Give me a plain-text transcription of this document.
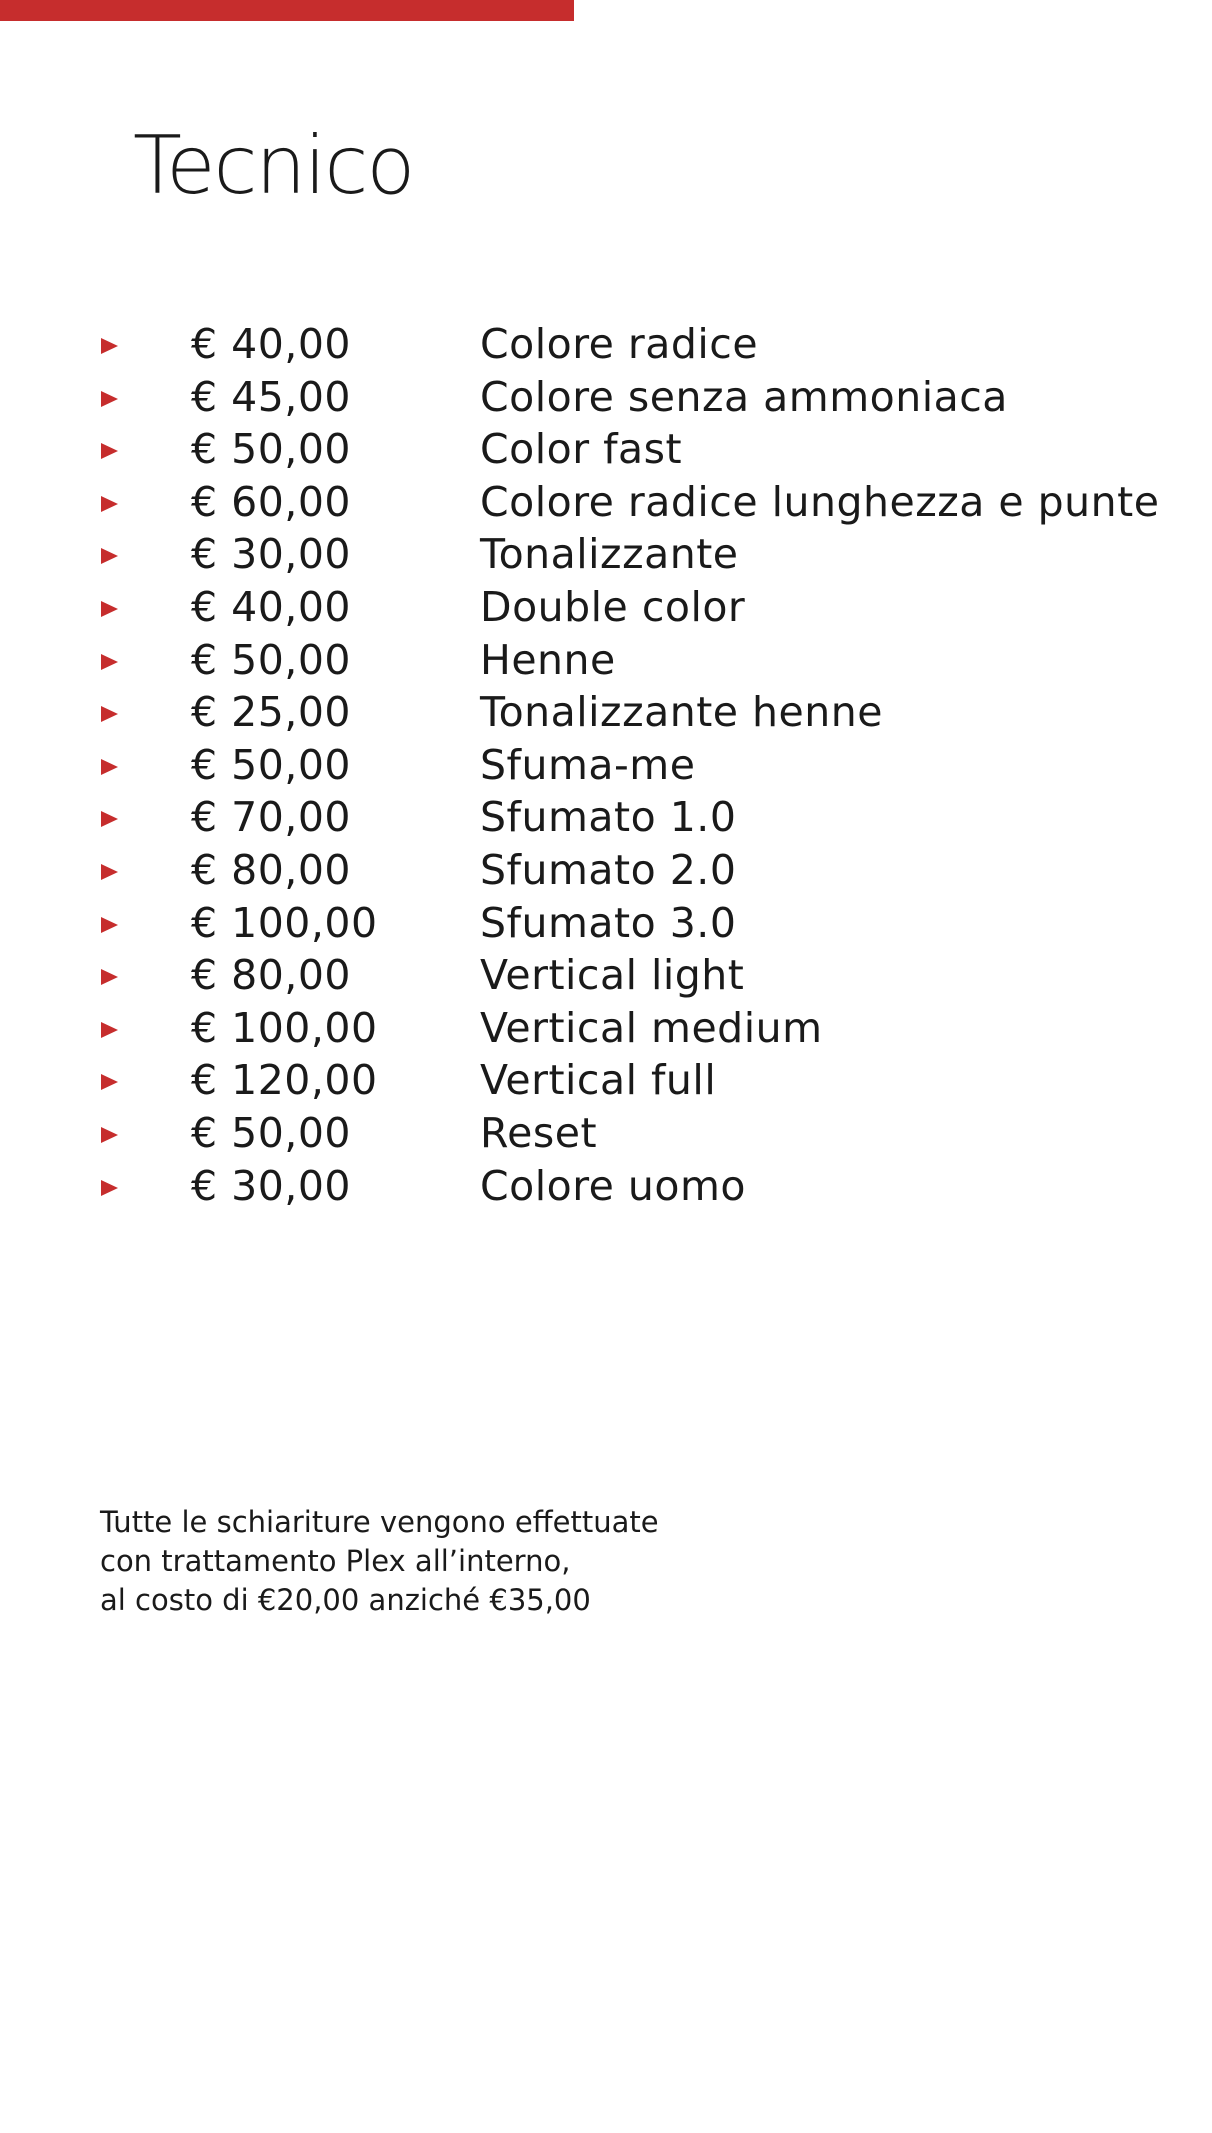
Tecnico
€ 40,00	Colore radice
€ 45,00	Colore senza ammoniaca
€ 50,00	Color fast
€ 60,00	Colore radice lunghezza e punte
€ 30,00	Tonalizzante
€ 40,00	Double color
€ 50,00	Henne
€ 25,00	Tonalizzante henne
€ 50,00	Sfuma-me
€ 70,00	Sfumato 1.0
€ 80,00	Sfumato 2.0
€ 100,00 Sfumato 3.0
€ 80,00	Vertical light
€ 100,00 Vertical medium
€ 120,00 Vertical full
€ 50,00	Reset
€ 30,00	Colore uomo

Tutte le schiariture vengono effettuate
con trattamento Plex all’interno,
al costo di €20,00 anziché €35,00
